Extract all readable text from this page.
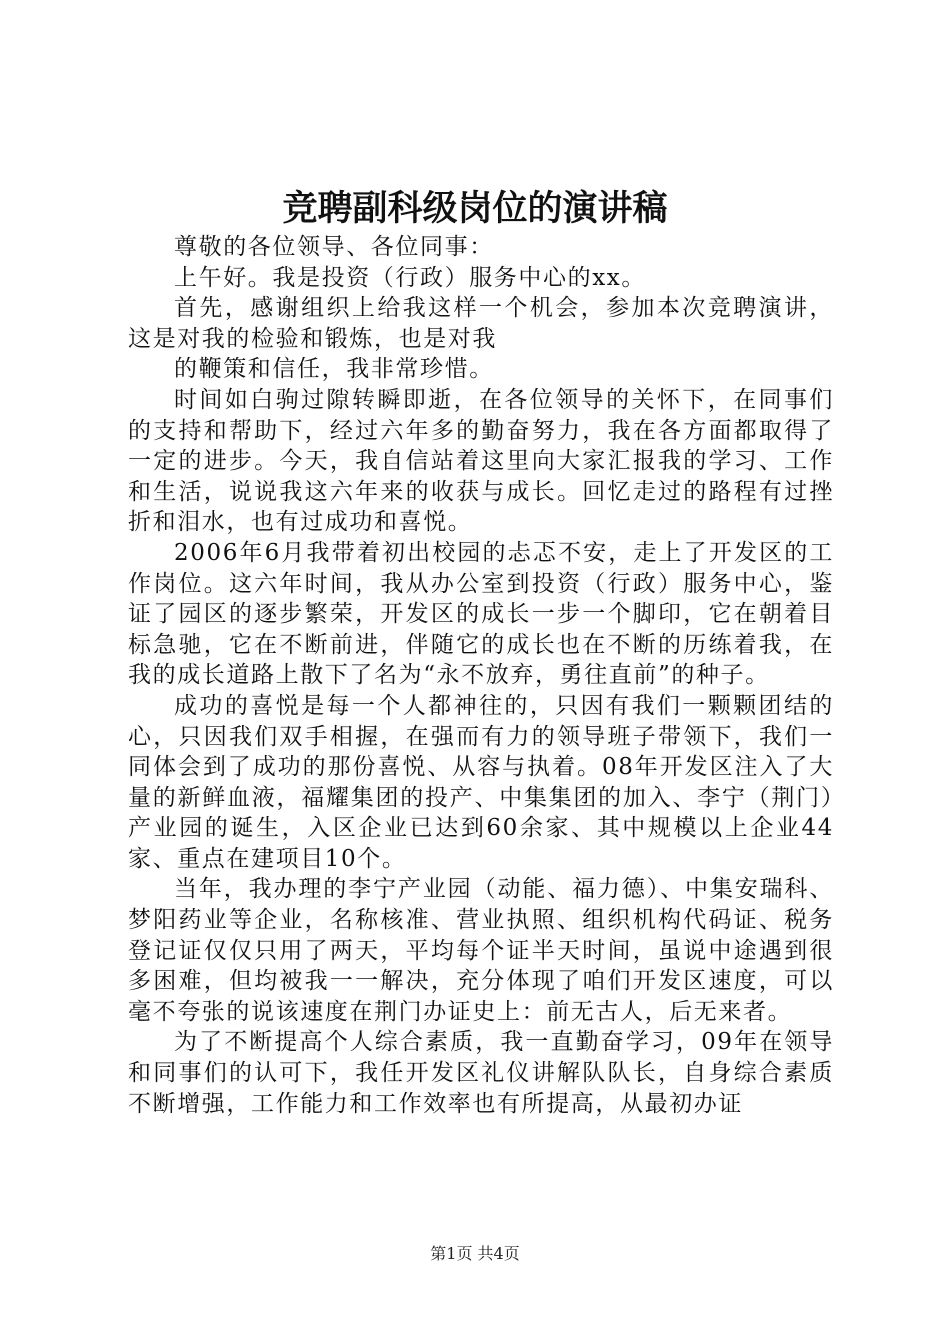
竞聘副科级岗位的演讲稿

尊敬的各位领导、各位同事：

上午好。我是投资（行政）服务中心的xx。

首先，感谢组织上给我这样一个机会，参加本次竞聘演讲，这是对我的检验和锻炼，也是对我

的鞭策和信任，我非常珍惜。

时间如白驹过隙转瞬即逝，在各位领导的关怀下，在同事们的支持和帮助下，经过六年多的勤奋努力，我在各方面都取得了一定的进步。今天，我自信站着这里向大家汇报我的学习、工作和生活，说说我这六年来的收获与成长。回忆走过的路程有过挫折和泪水，也有过成功和喜悦。

2006年6月我带着初出校园的忐忑不安，走上了开发区的工作岗位。这六年时间，我从办公室到投资（行政）服务中心，鉴证了园区的逐步繁荣，开发区的成长一步一个脚印，它在朝着目标急驰，它在不断前进，伴随它的成长也在不断的历练着我，在我的成长道路上散下了名为“永不放弃，勇往直前”的种子。

成功的喜悦是每一个人都神往的，只因有我们一颗颗团结的心，只因我们双手相握，在强而有力的领导班子带领下，我们一同体会到了成功的那份喜悦、从容与执着。08年开发区注入了大量的新鲜血液，福耀集团的投产、中集集团的加入、李宁（荆门）产业园的诞生，入区企业已达到60余家、其中规模以上企业44家、重点在建项目10个。

当年，我办理的李宁产业园（动能、福力德）、中集安瑞科、梦阳药业等企业，名称核准、营业执照、组织机构代码证、税务登记证仅仅只用了两天，平均每个证半天时间，虽说中途遇到很多困难，但均被我一一解决，充分体现了咱们开发区速度，可以毫不夸张的说该速度在荆门办证史上：前无古人，后无来者。

为了不断提高个人综合素质，我一直勤奋学习，09年在领导和同事们的认可下，我任开发区礼仪讲解队队长，自身综合素质不断增强，工作能力和工作效率也有所提高，从最初办证

第1页 共4页
